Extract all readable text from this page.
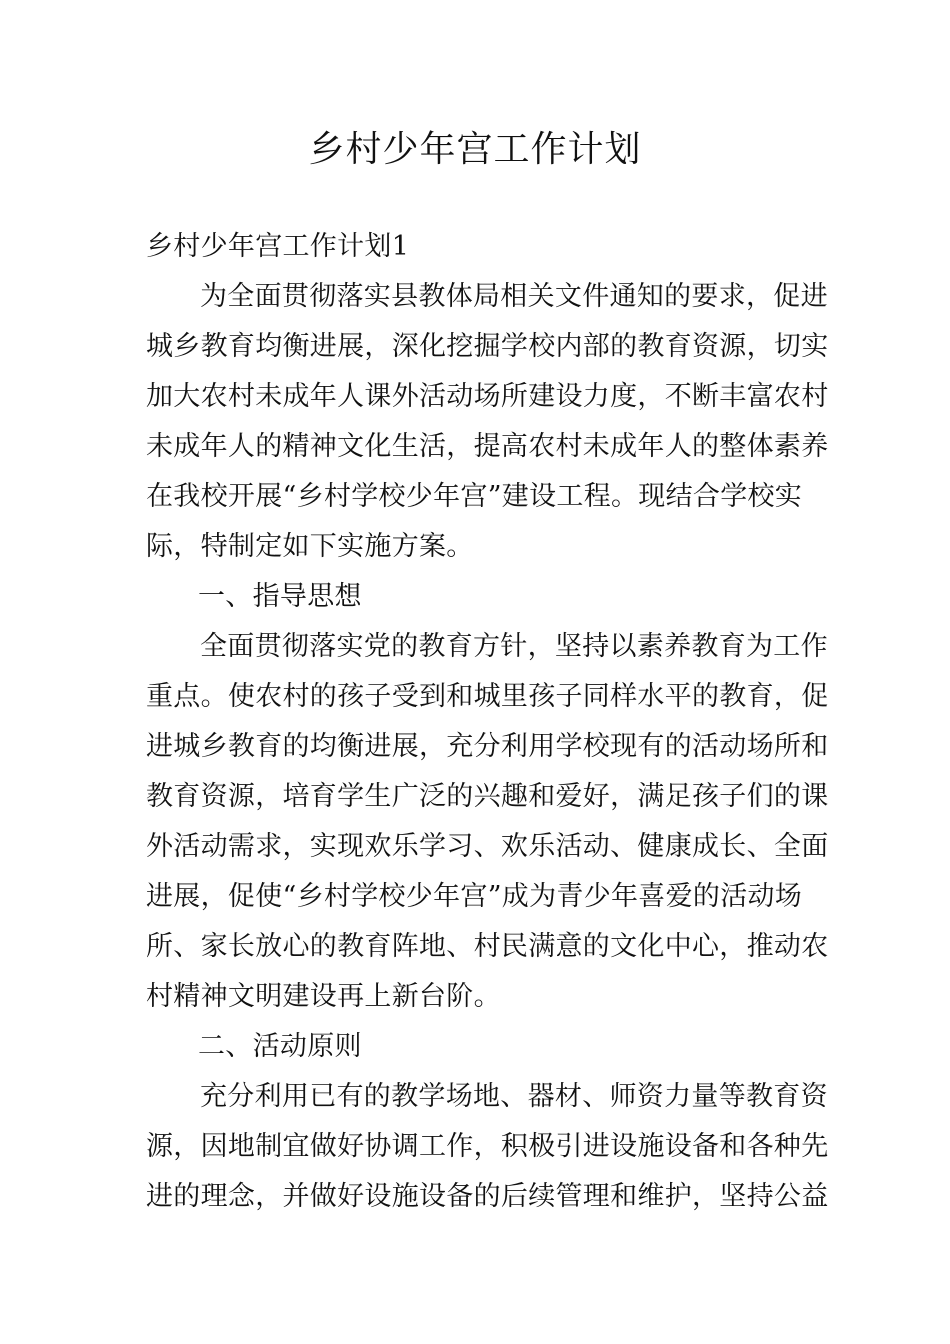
乡村少年宫工作计划

乡村少年宫工作计划1

为全面贯彻落实县教体局相关文件通知的要求，促进

城乡教育均衡进展，深化挖掘学校内部的教育资源，切实

加大农村未成年人课外活动场所建设力度，不断丰富农村

未成年人的精神文化生活，提高农村未成年人的整体素养

在我校开展“乡村学校少年宫”建设工程。现结合学校实

际，特制定如下实施方案。

一、指导思想

全面贯彻落实党的教育方针，坚持以素养教育为工作

重点。使农村的孩子受到和城里孩子同样水平的教育，促

进城乡教育的均衡进展，充分利用学校现有的活动场所和

教育资源，培育学生广泛的兴趣和爱好，满足孩子们的课

外活动需求，实现欢乐学习、欢乐活动、健康成长、全面

进展，促使“乡村学校少年宫”成为青少年喜爱的活动场

所、家长放心的教育阵地、村民满意的文化中心，推动农

村精神文明建设再上新台阶。

二、活动原则

充分利用已有的教学场地、器材、师资力量等教育资

源，因地制宜做好协调工作，积极引进设施设备和各种先

进的理念，并做好设施设备的后续管理和维护，坚持公益
